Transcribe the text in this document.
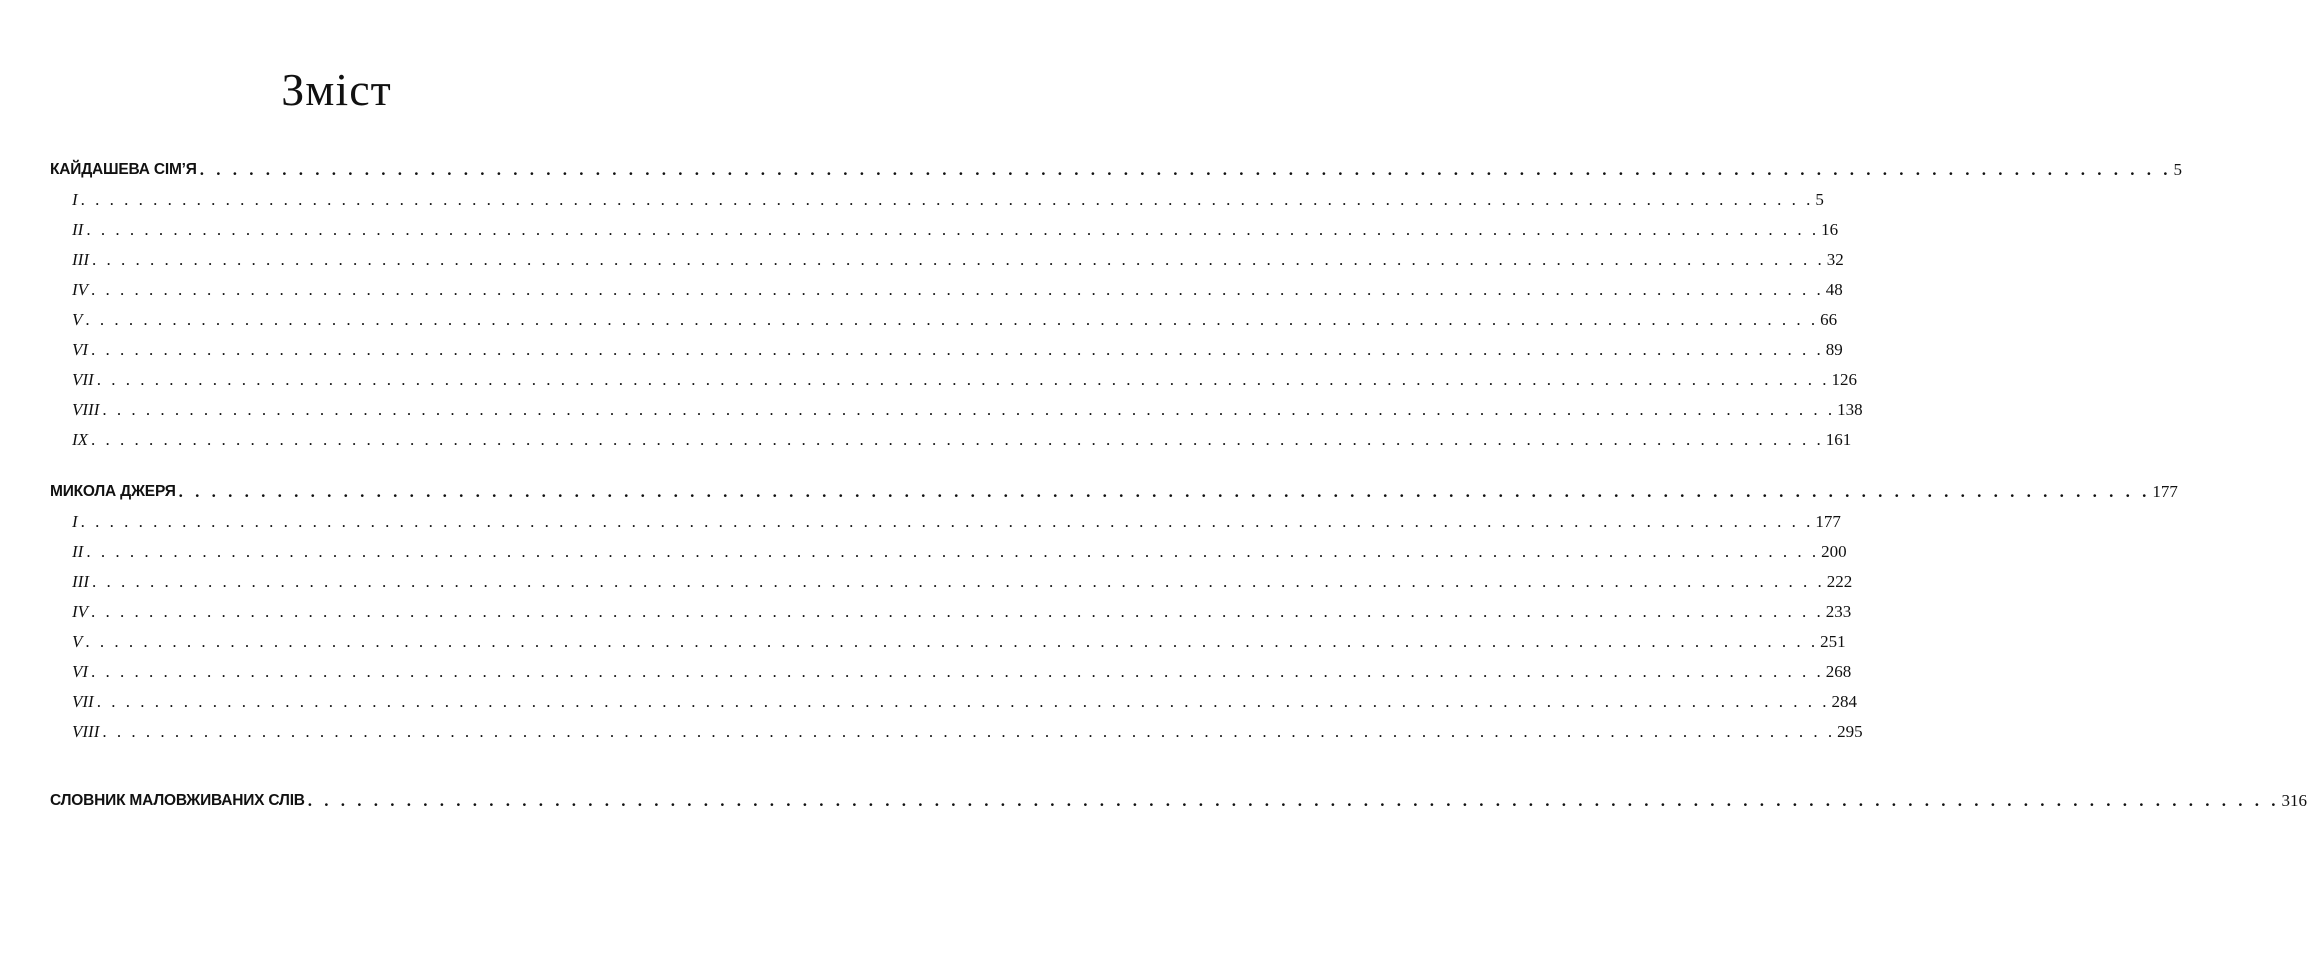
Зміст
КАЙДАШЕВА СІМ’Я . . . . . . . . . . . . . . . . . . . . . . . . . . . . . . . . . . . . . . . . . . . . . . . . . . . . . . . . . . . . . . . . . . . . . . . . . . . . . . . . . . . . . . . . . . . . . . . . . . . . . . . . . . . . . . . . . . . . . . . . 5
I . . . . . . . . . . . . . . . . . . . . . . . . . . . . . . . . . . . . . . . . . . . . . . . . . . . . . . . . . . . . . . . . . . . . . . . . . . . . . . . . . . . . . . . . . . . . . . . . . . . . . . . . . . . . . . . . . . . . . . . . 5
II . . . . . . . . . . . . . . . . . . . . . . . . . . . . . . . . . . . . . . . . . . . . . . . . . . . . . . . . . . . . . . . . . . . . . . . . . . . . . . . . . . . . . . . . . . . . . . . . . . . . . . . . . . . . . . . . . . . . . . . . 16
III . . . . . . . . . . . . . . . . . . . . . . . . . . . . . . . . . . . . . . . . . . . . . . . . . . . . . . . . . . . . . . . . . . . . . . . . . . . . . . . . . . . . . . . . . . . . . . . . . . . . . . . . . . . . . . . . . . . . . . . . 32
IV . . . . . . . . . . . . . . . . . . . . . . . . . . . . . . . . . . . . . . . . . . . . . . . . . . . . . . . . . . . . . . . . . . . . . . . . . . . . . . . . . . . . . . . . . . . . . . . . . . . . . . . . . . . . . . . . . . . . . . . . 48
V . . . . . . . . . . . . . . . . . . . . . . . . . . . . . . . . . . . . . . . . . . . . . . . . . . . . . . . . . . . . . . . . . . . . . . . . . . . . . . . . . . . . . . . . . . . . . . . . . . . . . . . . . . . . . . . . . . . . . . . . 66
VI . . . . . . . . . . . . . . . . . . . . . . . . . . . . . . . . . . . . . . . . . . . . . . . . . . . . . . . . . . . . . . . . . . . . . . . . . . . . . . . . . . . . . . . . . . . . . . . . . . . . . . . . . . . . . . . . . . . . . . . . 89
VII . . . . . . . . . . . . . . . . . . . . . . . . . . . . . . . . . . . . . . . . . . . . . . . . . . . . . . . . . . . . . . . . . . . . . . . . . . . . . . . . . . . . . . . . . . . . . . . . . . . . . . . . . . . . . . . . . . . . . . . . 126
VIII . . . . . . . . . . . . . . . . . . . . . . . . . . . . . . . . . . . . . . . . . . . . . . . . . . . . . . . . . . . . . . . . . . . . . . . . . . . . . . . . . . . . . . . . . . . . . . . . . . . . . . . . . . . . . . . . . . . . . . . . 138
IX . . . . . . . . . . . . . . . . . . . . . . . . . . . . . . . . . . . . . . . . . . . . . . . . . . . . . . . . . . . . . . . . . . . . . . . . . . . . . . . . . . . . . . . . . . . . . . . . . . . . . . . . . . . . . . . . . . . . . . . . 161
МИКОЛА ДЖЕРЯ . . . . . . . . . . . . . . . . . . . . . . . . . . . . . . . . . . . . . . . . . . . . . . . . . . . . . . . . . . . . . . . . . . . . . . . . . . . . . . . . . . . . . . . . . . . . . . . . . . . . . . . . . . . . . . . . . . . . . . . . 177
I . . . . . . . . . . . . . . . . . . . . . . . . . . . . . . . . . . . . . . . . . . . . . . . . . . . . . . . . . . . . . . . . . . . . . . . . . . . . . . . . . . . . . . . . . . . . . . . . . . . . . . . . . . . . . . . . . . . . . . . . 177
II . . . . . . . . . . . . . . . . . . . . . . . . . . . . . . . . . . . . . . . . . . . . . . . . . . . . . . . . . . . . . . . . . . . . . . . . . . . . . . . . . . . . . . . . . . . . . . . . . . . . . . . . . . . . . . . . . . . . . . . . 200
III . . . . . . . . . . . . . . . . . . . . . . . . . . . . . . . . . . . . . . . . . . . . . . . . . . . . . . . . . . . . . . . . . . . . . . . . . . . . . . . . . . . . . . . . . . . . . . . . . . . . . . . . . . . . . . . . . . . . . . . . 222
IV . . . . . . . . . . . . . . . . . . . . . . . . . . . . . . . . . . . . . . . . . . . . . . . . . . . . . . . . . . . . . . . . . . . . . . . . . . . . . . . . . . . . . . . . . . . . . . . . . . . . . . . . . . . . . . . . . . . . . . . . 233
V . . . . . . . . . . . . . . . . . . . . . . . . . . . . . . . . . . . . . . . . . . . . . . . . . . . . . . . . . . . . . . . . . . . . . . . . . . . . . . . . . . . . . . . . . . . . . . . . . . . . . . . . . . . . . . . . . . . . . . . . 251
VI . . . . . . . . . . . . . . . . . . . . . . . . . . . . . . . . . . . . . . . . . . . . . . . . . . . . . . . . . . . . . . . . . . . . . . . . . . . . . . . . . . . . . . . . . . . . . . . . . . . . . . . . . . . . . . . . . . . . . . . . 268
VII . . . . . . . . . . . . . . . . . . . . . . . . . . . . . . . . . . . . . . . . . . . . . . . . . . . . . . . . . . . . . . . . . . . . . . . . . . . . . . . . . . . . . . . . . . . . . . . . . . . . . . . . . . . . . . . . . . . . . . . . 284
VIII . . . . . . . . . . . . . . . . . . . . . . . . . . . . . . . . . . . . . . . . . . . . . . . . . . . . . . . . . . . . . . . . . . . . . . . . . . . . . . . . . . . . . . . . . . . . . . . . . . . . . . . . . . . . . . . . . . . . . . . . 295
СЛОВНИК МАЛОВЖИВАНИХ СЛІВ . . . . . . . . . . . . . . . . . . . . . . . . . . . . . . . . . . . . . . . . . . . . . . . . . . . . . . . . . . . . . . . . . . . . . . . . . . . . . . . . . . . . . . . . . . . . . . . . . . . . . . . . . . . . . . . . . . . . . . . . 316
